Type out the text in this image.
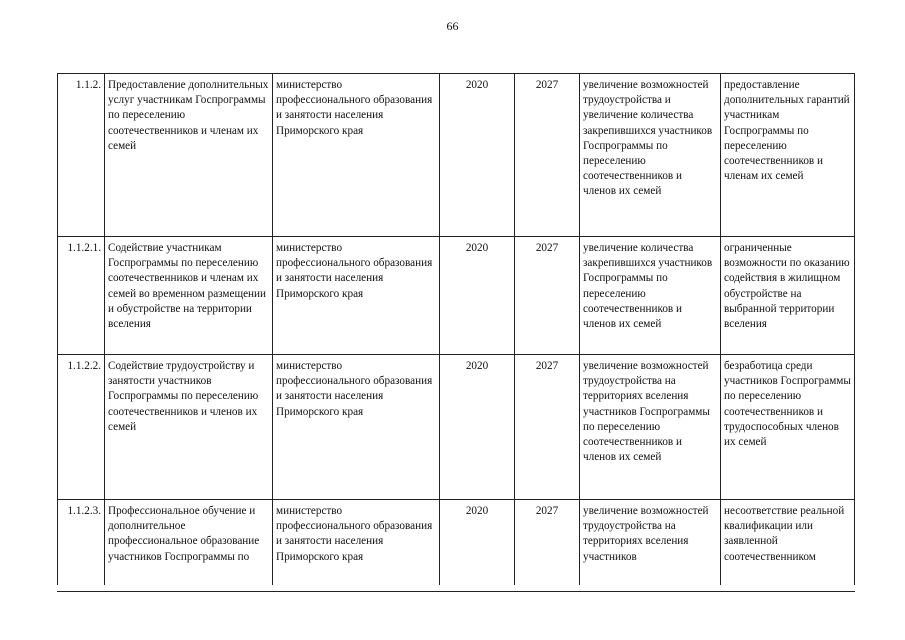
66
1.1.2.	Предоставление дополнительных услуг участникам Госпрограммы по переселению соотечественников и членам их семей	министерство профессионального образования и занятости населения Приморского края	2020	2027	увеличение возможностей трудоустройства и увеличение количества закрепившихся участников Госпрограммы по переселению соотечественников и членов их семей	предоставление дополнительных гарантий участникам Госпрограммы по переселению соотечественников и членам их семей
1.1.2.1.	Содействие участникам Госпрограммы по переселению соотечественников и членам их семей во временном размещении и обустройстве на территории вселения	министерство профессионального образования и занятости населения Приморского края	2020	2027	увеличение количества закрепившихся участников Госпрограммы по переселению соотечественников и членов их семей	ограниченные возможности по оказанию содействия в жилищном обустройстве на выбранной территории вселения
1.1.2.2.	Содействие трудоустройству и занятости участников Госпрограммы по переселению соотечественников и членов их семей	министерство профессионального образования и занятости населения Приморского края	2020	2027	увеличение возможностей трудоустройства на территориях вселения участников Госпрограммы по переселению соотечественников и членов их семей	безработица среди участников Госпрограммы по переселению соотечественников и трудоспособных членов их семей
1.1.2.3.	Профессиональное обучение и дополнительное профессиональное образование участников Госпрограммы по	министерство профессионального образования и занятости населения Приморского края	2020	2027	увеличение возможностей трудоустройства на территориях вселения участников	несоответствие реальной квалификации или заявленной соотечественником
